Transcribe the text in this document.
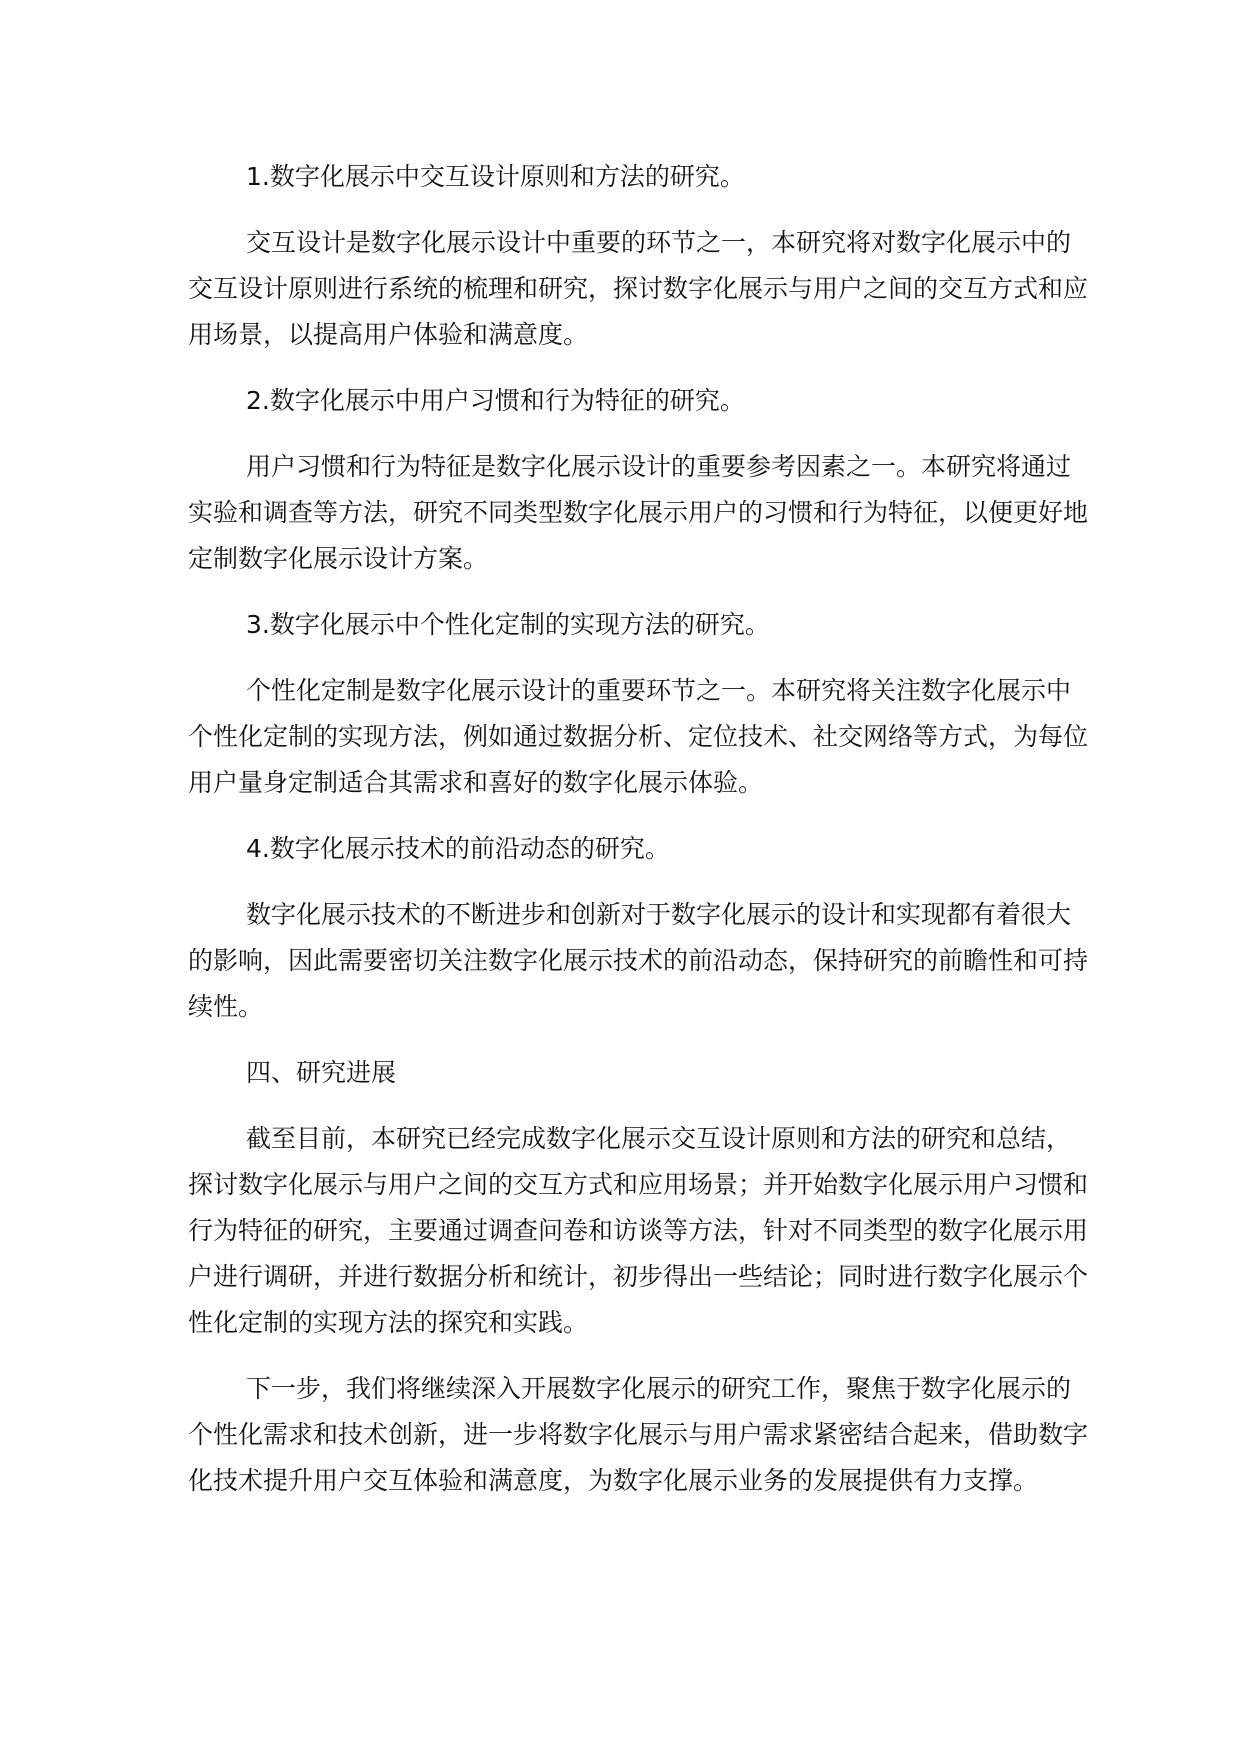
1.数字化展示中交互设计原则和方法的研究。

交互设计是数字化展示设计中重要的环节之一，本研究将对数字化展示中的交互设计原则进行系统的梳理和研究，探讨数字化展示与用户之间的交互方式和应用场景，以提高用户体验和满意度。

2.数字化展示中用户习惯和行为特征的研究。

用户习惯和行为特征是数字化展示设计的重要参考因素之一。本研究将通过实验和调查等方法，研究不同类型数字化展示用户的习惯和行为特征，以便更好地定制数字化展示设计方案。

3.数字化展示中个性化定制的实现方法的研究。

个性化定制是数字化展示设计的重要环节之一。本研究将关注数字化展示中个性化定制的实现方法，例如通过数据分析、定位技术、社交网络等方式，为每位用户量身定制适合其需求和喜好的数字化展示体验。

4.数字化展示技术的前沿动态的研究。

数字化展示技术的不断进步和创新对于数字化展示的设计和实现都有着很大的影响，因此需要密切关注数字化展示技术的前沿动态，保持研究的前瞻性和可持续性。

四、研究进展

截至目前，本研究已经完成数字化展示交互设计原则和方法的研究和总结，探讨数字化展示与用户之间的交互方式和应用场景；并开始数字化展示用户习惯和行为特征的研究，主要通过调查问卷和访谈等方法，针对不同类型的数字化展示用户进行调研，并进行数据分析和统计，初步得出一些结论；同时进行数字化展示个性化定制的实现方法的探究和实践。

下一步，我们将继续深入开展数字化展示的研究工作，聚焦于数字化展示的个性化需求和技术创新，进一步将数字化展示与用户需求紧密结合起来，借助数字化技术提升用户交互体验和满意度，为数字化展示业务的发展提供有力支撑。
